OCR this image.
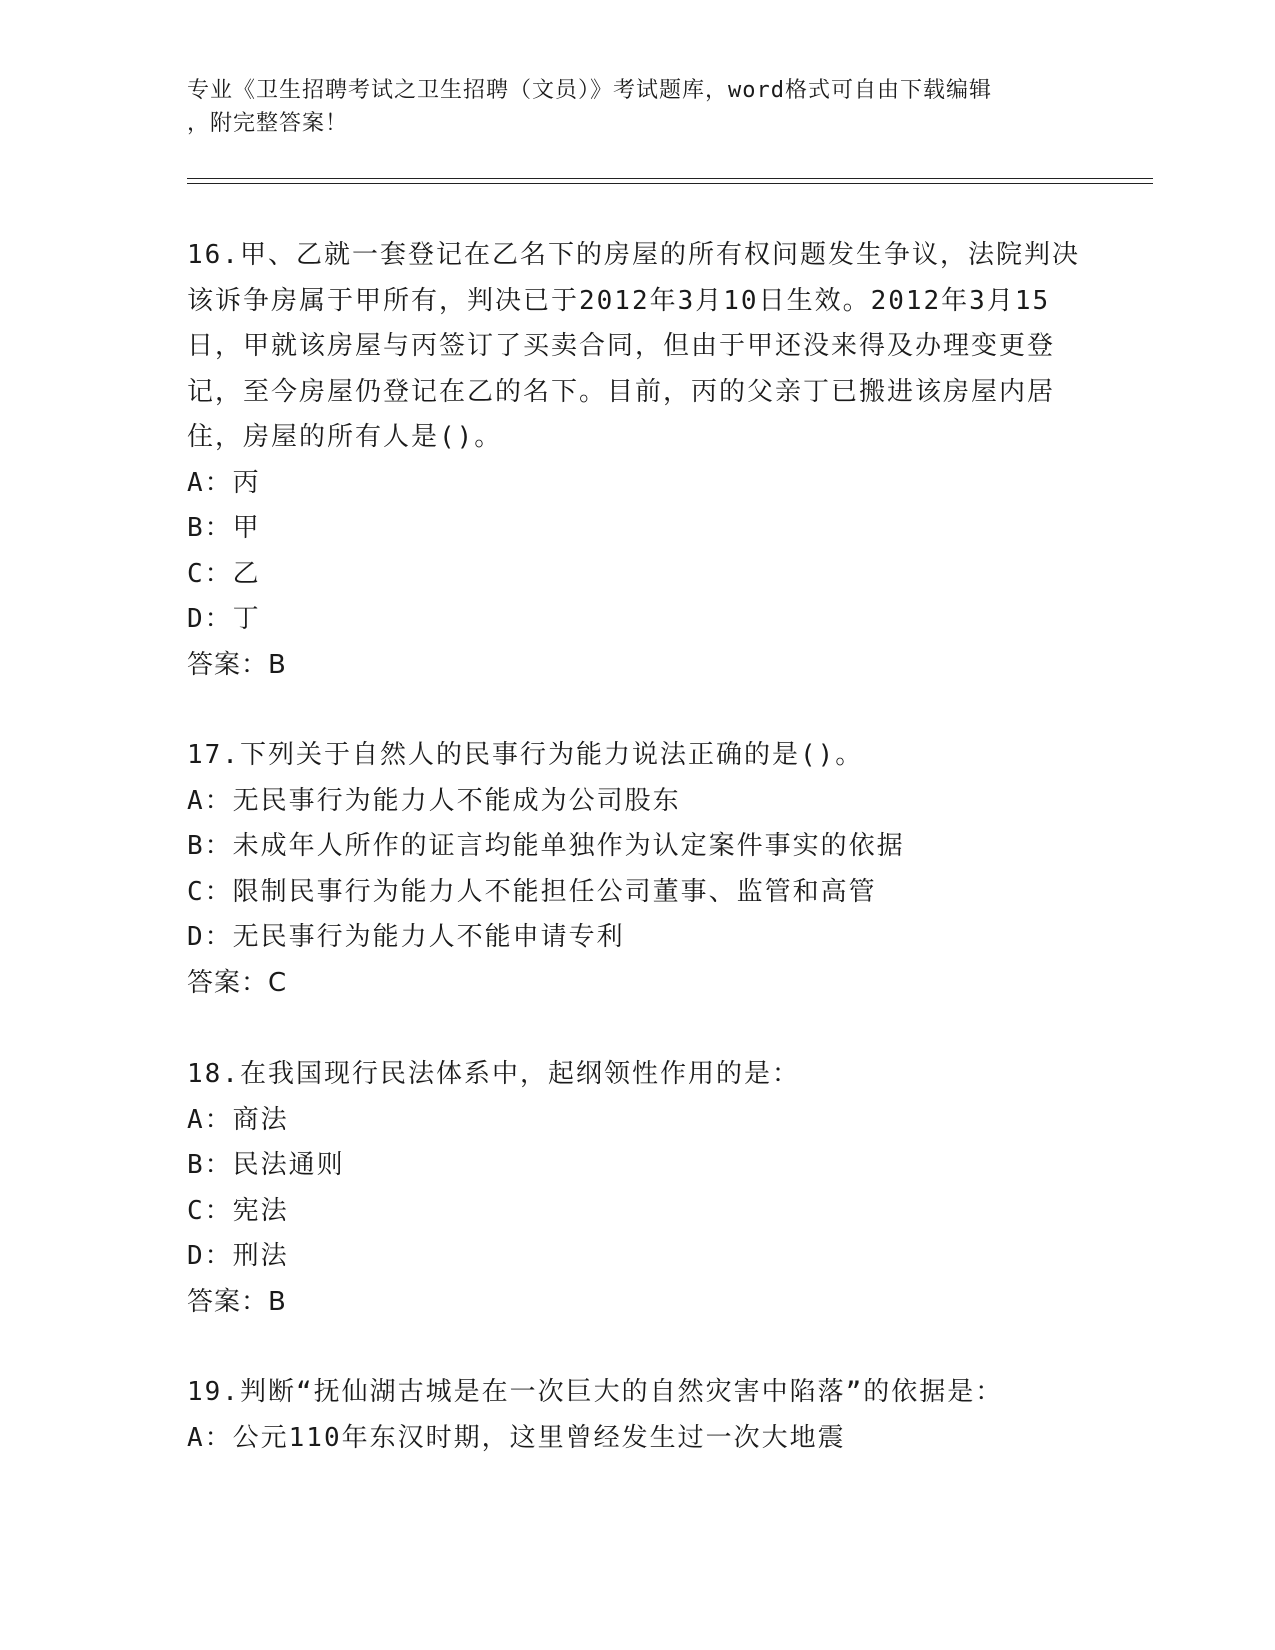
专业《卫生招聘考试之卫生招聘（文员）》考试题库，word格式可自由下载编辑
，附完整答案！
16.甲、乙就一套登记在乙名下的房屋的所有权问题发生争议，法院判决该诉争房属于甲所有，判决已于2012年3月10日生效。2012年3月15日，甲就该房屋与丙签订了买卖合同，但由于甲还没来得及办理变更登记，至今房屋仍登记在乙的名下。目前，丙的父亲丁已搬进该房屋内居住，房屋的所有人是()。
A：丙
B：甲
C：乙
D：丁
答案：B
17.下列关于自然人的民事行为能力说法正确的是()。
A：无民事行为能力人不能成为公司股东
B：未成年人所作的证言均能单独作为认定案件事实的依据
C：限制民事行为能力人不能担任公司董事、监管和高管
D：无民事行为能力人不能申请专利
答案：C
18.在我国现行民法体系中，起纲领性作用的是：
A：商法
B：民法通则
C：宪法
D：刑法
答案：B
19.判断“抚仙湖古城是在一次巨大的自然灾害中陷落”的依据是：
A：公元110年东汉时期，这里曾经发生过一次大地震
